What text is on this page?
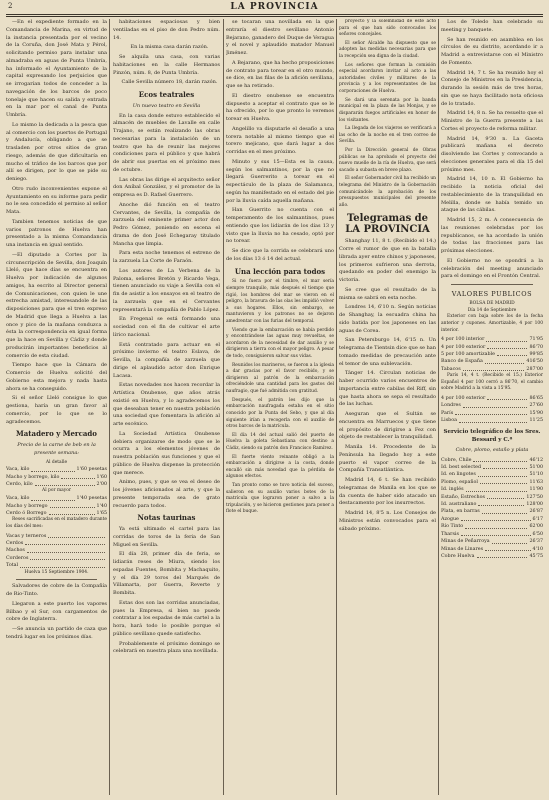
2	LA PROVINCIA

—En el expediente formado en la Comandancia de Marina, en virtud de la instancia presentada por el vecino de la Coruña, don José Mata y Pérol, solicitando permiso para instalar una almadraba en aguas de Punta Umbría, ha informado el Ayuntamiento de la capital expresando los perjuicios que se irrogarían todos de conceder a la navegación de los barcos de poco tonelaje que hacen su salida y entrada en la mar por el canal de Punta Umbría.

Lo mismo la dedicada a la pesca que al comercio con los puertos de Portugal y Andalucía, obligando a que se trasladen por otros sitios de gran riesgo, además de que dificultaría en mucho el tráfico de los barcos que por allí se dirigen, por lo que se pide su deniego.

Otro rudo inconvenientes expone el Ayuntamiento en su informe para pedir no le sea concedido el permiso al señor Mata.

Tambien tenemos noticias de que varios patronos de Huelva han presentado a la misma Comandancia una instancia en igual sentido.

—El diputado a Cortes por la circunscripción de Sevilla, don Joaquín Lleló, que hace días se encuentra en Huelva por indicación de algunos amigos, ha escrito al Director general de Comunicaciones, con quien le une estrecha amistad, interesandole de las disposiciones para que el tren expreso de Madrid que llega a Huelva a las once y pico de la mañana conduzca a ésta la correspondencia en igual forma que la hace en Sevilla y Cádiz y donde producirán importantes beneficios al comercio de esta ciudad.

Tiempo hace que la Cámara de Comercio de Huelva solicitó del Gobierno esta mejora y nada hasta ahora se ha conseguido.

Si el señor Lleló consigue lo que gestiona, haría un gran favor al comercio, por lo que se lo agradecemos.

Matadero y Mercado
Precio de la carne de beb en la presente semana:
Al detalle
Vaca, kilo	1'60 pesetas
Macho y borrego, kilo	1'60
Cerdo, kilo	2'00
Al por mayor
Vaca, kilo	1'40 pesetas
Macho y borrego	1'40
Cerdo ó Borrego	1'65

Reses sacrificadas en el matadero durante los días del mes:

Vacas y terneros
Cerdos
Machos
Corderos
Total
Huelva 15 Septiembre 1904.

Salvadores de cobre de la Compañía de Rio-Tinto.

Llegaron a este puerto los vapores Bilbao y el Sur, con cargamentos de cobre de Inglaterra.

—Se anuncia un partido de caza que tendrá lugar en los próximos días.

habitaciones espaciosas y bien ventiladas en el piso de don Pedro núm. 14.

En la misma casa darán razón.

Se alquila una casa, con varias habitaciones en la calle Hermanos Pinzón, núm. 8, de Punta Umbría.

Calle Sevilla número 18, darán razón.

Ecos teatrales
Un nuevo teatro en Sevilla

En la casa donde estuvo establecido el almacén de muebles de Lavalle en calle Trajano, se están realizando las obras necesarias para la instalación de un teatro que ha de reunir las mejores condiciones para el público y que habrá de abrir sus puertas en el próximo mes de octubre.

Las obras las dirige el arquitecto señor don Aníbal González, y el promotor de la empresa es D. Rafael Guerrero.

Anoche dió función en el teatro Cervantes, de Sevilla, la compañía de zarzuela del eminente primer actor don Pedro Gómez, poniendo en escena el drama de don José Echegaray titulado Mancha que limpia.

Para esta noche tenemos el estreno de la zarzuela La Corte de Faraón.

Los autores de La Verbena de la Paloma, señores Bretón y Ricardo Vega, tienen anunciado su viaje a Sevilla con el fin de asistir a los ensayos en el teatro de la zarzuela que en el Cervantes representará la compañía de Pablo López.

En Fregenal se está formando una sociedad con el fin de cultivar el arte lírico nacional.

Está contratado para actuar en el próximo invierno el teatro Eslava, de Sevilla, la compañía de zarzuela que dirige el aplaudido actor don Enrique Lacasa.

Estas novedades nos hacen recordar la Artística Onubense, que años atrás existió en Huelva, y lo agradecemos los que deseaban tener en nuestra población una sociedad que fomentara la afición al arte escénico.

La Sociedad Artística Onubense debiera organizarse de modo que se le ocurra a los elementos jóvenes de nuestra población sus funciones y que el público de Huelva dispense la protección que merece.

Animo, pues, y que se vea el deseo de los jóvenes aficionados al arte, y que la presente temporada sea de grato recuerdo para todos.

Notas taurinas

Ya está ultimado el cartel para las corridas de toros de la feria de San Miguel en Sevilla.

El día 28, primer día de feria, se lidiarán reses de Miura, siendo los espadas Fuentes, Bombita y Machaquito, y el día 29 toros del Marqués de Villamarta, por Guerra, Reverte y Bombita.

Estas dos son las corridas anunciadas, pues la Empresa, si bien no puede contratar a los espadas de más cartel a la hora, hará todo lo posible porque el público sevillano quede satisfecho.

Probablemente el próximo domingo se celebrará en nuestra plaza una novillada.

se tocaran una novillada en la que entraría el diestro sevillano Antonio Bejarano, ganadero del Duque de Veragua y el novel y aplaudido matador Manuel Jiménez.

A Bejarano, que ha hecho proposiciones de contrato para torear en el otro mundo, se dice, en las filas de la afición sevillana, que se ha retirado.

El diestro onubense se encuentra dispuesto a aceptar el contrato que se le ha ofrecido, por lo que pronto lo veremos torear en Huelva.

Angelillo va disputarle el desafío a una torera notable al mismo tiempo que el torero mejicano, que dará lugar a dos corridas en el mes próximo.

Minuto y sus 15—Esta es la causa, según los salmantinos, por la que no llegará Guerrerito a torear en el espectáculo de la plaza de Salamanca, según ha manifestado en el estado del pie por la lluvia caída aquella mañana.

Han Guerrito no cuenta con el temperamento de los salmantinos, pues entiendo que los lidiarán de los días 13 y visto que la lluvia no ha cesado, optó por no torear.

Se dice que la corrida se celebrará uno de los días 13 ó 14 del actual.

Una lección para todos

Si no fuera por el timbre, el mar sería siempre tranquilo, más después el tiempo que rigió, los hombres del mar se vieron en el peligro, la bravura de las olas les impidió volver a sus hogares. Ellos, sin embargo, se mantuvieron y los patronos no se dejaron amedrentar con las furias del temporal.

Viendo que la embarcación se había perdido y encontrándose las aguas muy revueltas, se acordaron de la necesidad de dar auxilio y se dirigieron a tierra con el mayor peligro. A pesar de todo, consiguieron salvar sus vidas.

Reunidos los marineros, se fueron a la iglesia a dar gracias por el favor recibido, y se dirigieron al patrón de la embarcación ofreciéndole una cantidad para los gastos del naufragio, que fué admitida con gratitud.

Después, el patrón les dijo que la embarcación naufragada estaba en el sitio conocido por la Punta del Sebo, y que al día siguiente irían a recogerla con el auxilio de otros barcos de la matrícula.

El día 14 del actual salió del puerto de Huelva la goleta Sebastiana con destino a Cádiz, siendo su patrón don Francisco Ramírez.

El fuerte viento reinante obligó a la embarcación a dirigirse a la costa, donde encalló sin más novedad que la pérdida de algunos efectos.

Tan pronto como se tuvo noticia del suceso, salieron en su auxilio varios botes de la matrícula que lograron poner a salvo a la tripulación, y se hicieron gestiones para poner a flote el buque.

proyecto y la solemnidad de este acto para el que han sido convocados los señores concejales.

El señor Alcalde ha dispuesto que se adopten las medidas necesarias para que la recepción sea digna de la ciudad.

Los señores que forman la comisión especial acordaron invitar al acto a las autoridades civiles y militares de la provincia y a los representantes de las corporaciones de Huelva.

Se dará una serenata por la banda municipal en la plaza de las Monjas, y se dispararán fuegos artificiales en honor de los visitantes.

La llegada de los viajeros se verificará a las ocho de la noche en el tren correo de Sevilla.

Por la Dirección general de Obras públicas se ha aprobado el proyecto del nuevo muelle de la ría de Huelva, que será sacado a subasta en breve plazo.

El señor Gobernador civil ha recibido un telegrama del Ministro de la Gobernación comunicándole la aprobación de los presupuestos municipales del presente año.

Telegramas de LA PROVINCIA

Shanghay 11, 8 t. (Recibido el 14.) Corre el rumor de que en la batalla librada ayer entre chinos y japoneses, los primeros sufrieron una derrota, quedando en poder del enemigo la victoria.

Se cree que el resultado de la misma se sabrá en esta noche.

Londres 14, 6'10 n. Según noticias de Shanghay, la escuadra china ha sido batida por los japoneses en las aguas de Corea.

San Petersburgo 14, 6'15 n. Un telegrama de Tientsin dice que se han tomado medidas de precaución ante el temor de una sublevación.

Tánger 14. Circulan noticias de haber ocurrido varios encuentros de importancia entre cabilas del Riff, sin que hasta ahora se sepa el resultado de las luchas.

Aseguran que el Sultán se encuentra en Marruecos y que tiene el propósito de dirigirse a Fez con objeto de restablecer la tranquilidad.

Manila 14. Procedente de la Península ha llegado hoy a este puerto el vapor correo de la Compañía Transatlántica.

Madrid 14, 6 t. Se han recibido telegramas de Manila en los que se da cuenta de haber sido atacado un destacamento por los insurrectos.

Madrid 14, 8'5 n. Los Consejos de Ministros están convocados para el sábado próximo.

Los de Toledo han celebrado su meeting y banquete.

Se han reunido en asamblea en los círculos de su distrito, acordando ir a Madrid a entrevistarse con el Ministro de Fomento.

Madrid 14, 7 t. Se ha reunido hoy el Consejo de Ministros en la Presidencia, durando la sesión más de tres horas, sin que se haya facilitado nota oficiosa de lo tratado.

Madrid 14, 8 n. Se ha resuelto que el Ministro de la Guerra presente a las Cortes el proyecto de reforma militar.

Madrid 14, 9'30 n. La Gaceta publicará mañana el decreto disolviendo las Cortes y convocando a elecciones generales para el día 15 del próximo mes.

Madrid 14, 10 n. El Gobierno ha recibido la noticia oficial del restablecimiento de la tranquilidad en Melilla, donde se había temido un ataque de las cábilas.

Madrid 15, 2 m. A consecuencia de las reuniones celebradas por los republicanos, se ha acordado la unión de todas las fracciones para las próximas elecciones.

El Gobierno no se opondrá a la celebración del meeting anunciado para el domingo en el Frontón Central.

VALORES PUBLICOS
BOLSA DE MADRID
Día 14 de Septiembre

Exterior con baja sobre los de la fecha anterior y cupones. Amortizable, 4 por 100 interior.

4 por 100 interior	71'95
4 por 100 exterior	86'70
5 por 100 amortizable	99'85
Banco de España	416'50
Tabacos	287'00

París 14, 4 t. (Recibido el 15.) Exterior Español 4 por 100 cerró a 86'70, el cambio sobre Madrid a la vista a 15'95.

4 por 100 exterior	86'65
Londres	27'60
París	15'90
Lisboa	11'25
Servicio telegráfico de los Sres. Bessard y C.ª
Cobre, plomo, estaño y plata
Cobre, Chile	46'12
Id. best selected	51'00
Id. en lingotes	51'10
Plomo, español	11'63
Id. inglés	11'90
Estaño, Estrechos	127'50
Id. australiano	128'00
Plata, en barras	26'87
Azogue	6'17
Río Tinto	62'00
Tharsis	6'50
Minas de Peñarroya	26'37
Minas de Linares	4'10
Cobre Huelva	45'75
